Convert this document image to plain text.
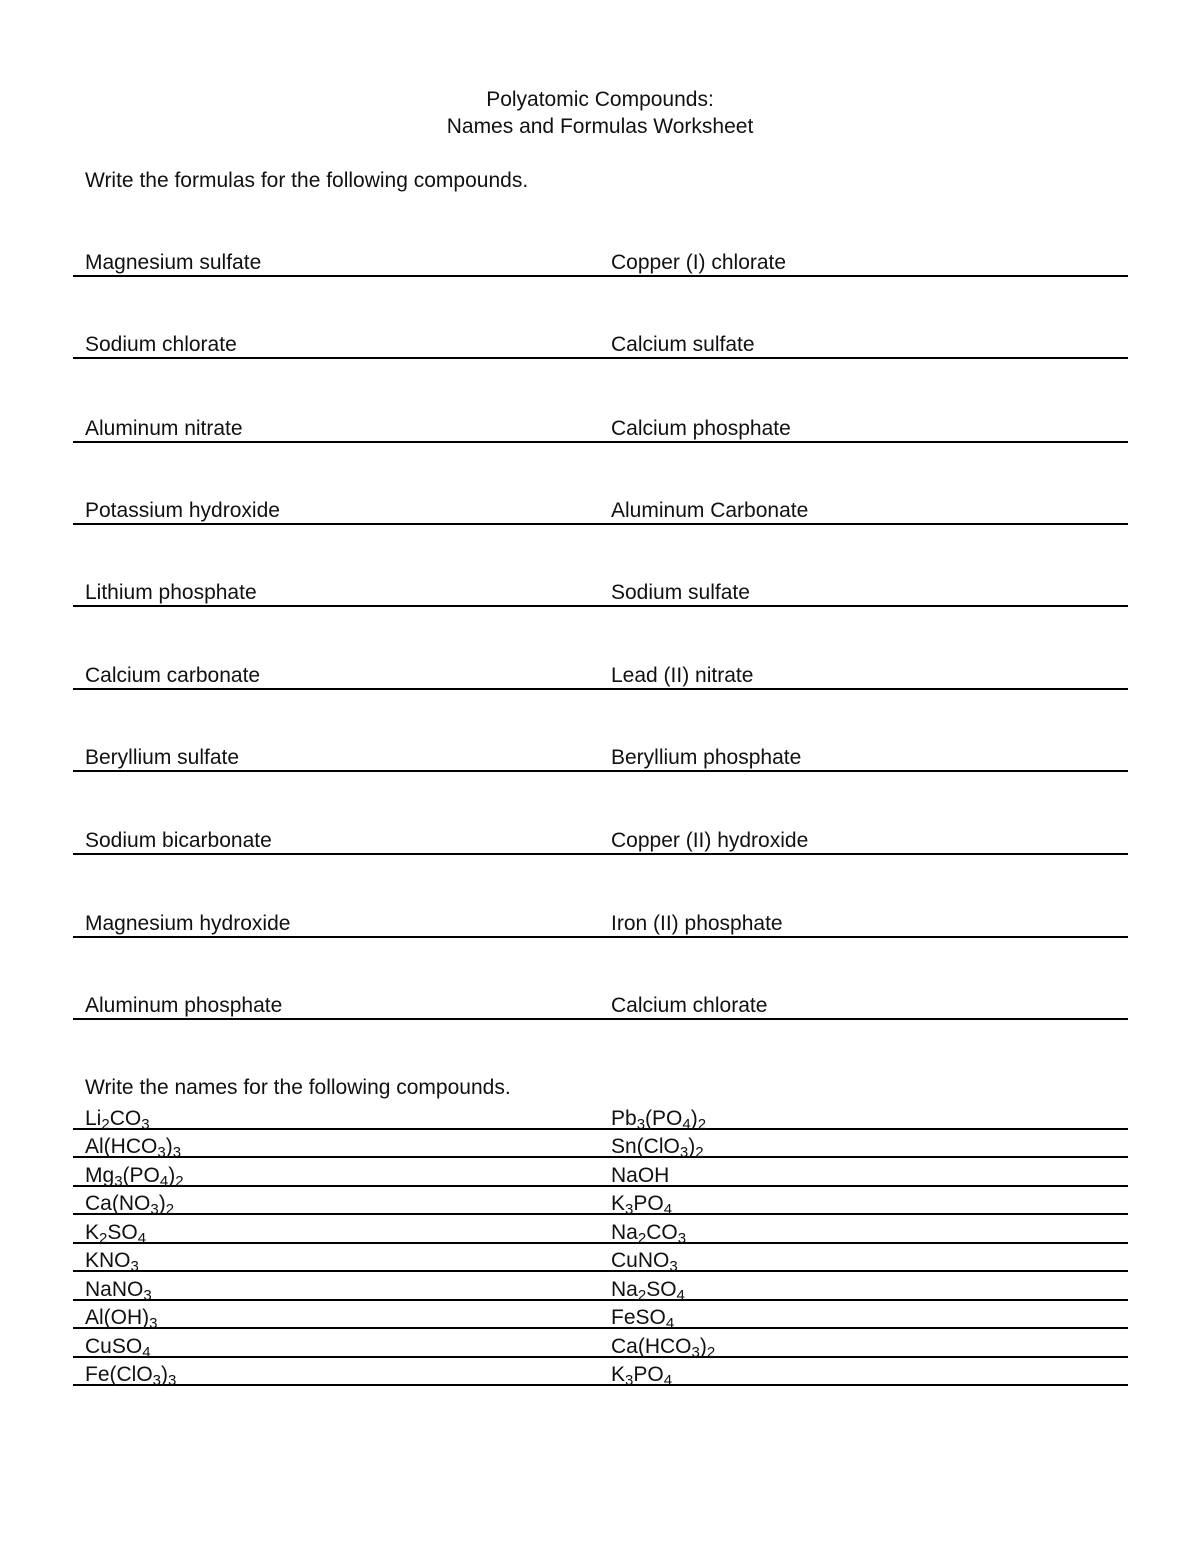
Polyatomic Compounds:
Names and Formulas Worksheet
Write the formulas for the following compounds.
Magnesium sulfate	Copper (I) chlorate
Sodium chlorate	Calcium sulfate
Aluminum nitrate	Calcium phosphate
Potassium hydroxide	Aluminum Carbonate
Lithium phosphate	Sodium sulfate
Calcium carbonate	Lead (II) nitrate
Beryllium sulfate	Beryllium phosphate
Sodium bicarbonate	Copper (II) hydroxide
Magnesium hydroxide	Iron (II) phosphate
Aluminum phosphate	Calcium chlorate
Write the names for the following compounds.
$Li_2CO_3$	$Pb_3(PO_4)_2$
$Al(HCO_3)_3$	$Sn(ClO_3)_2$
$Mg_3(PO_4)_2$	NaOH
$Ca(NO_3)_2$	$K_3PO_4$
$K_2SO_4$	$Na_2CO_3$
$KNO_3$	CuNO$_3$
NaNO$_3$	$Na_2SO_4$
$Al(OH)_3$	FeSO$_4$
CuSO$_4$	$Ca(HCO_3)_2$
$Fe(ClO_3)_3$	$K_3PO_4$
